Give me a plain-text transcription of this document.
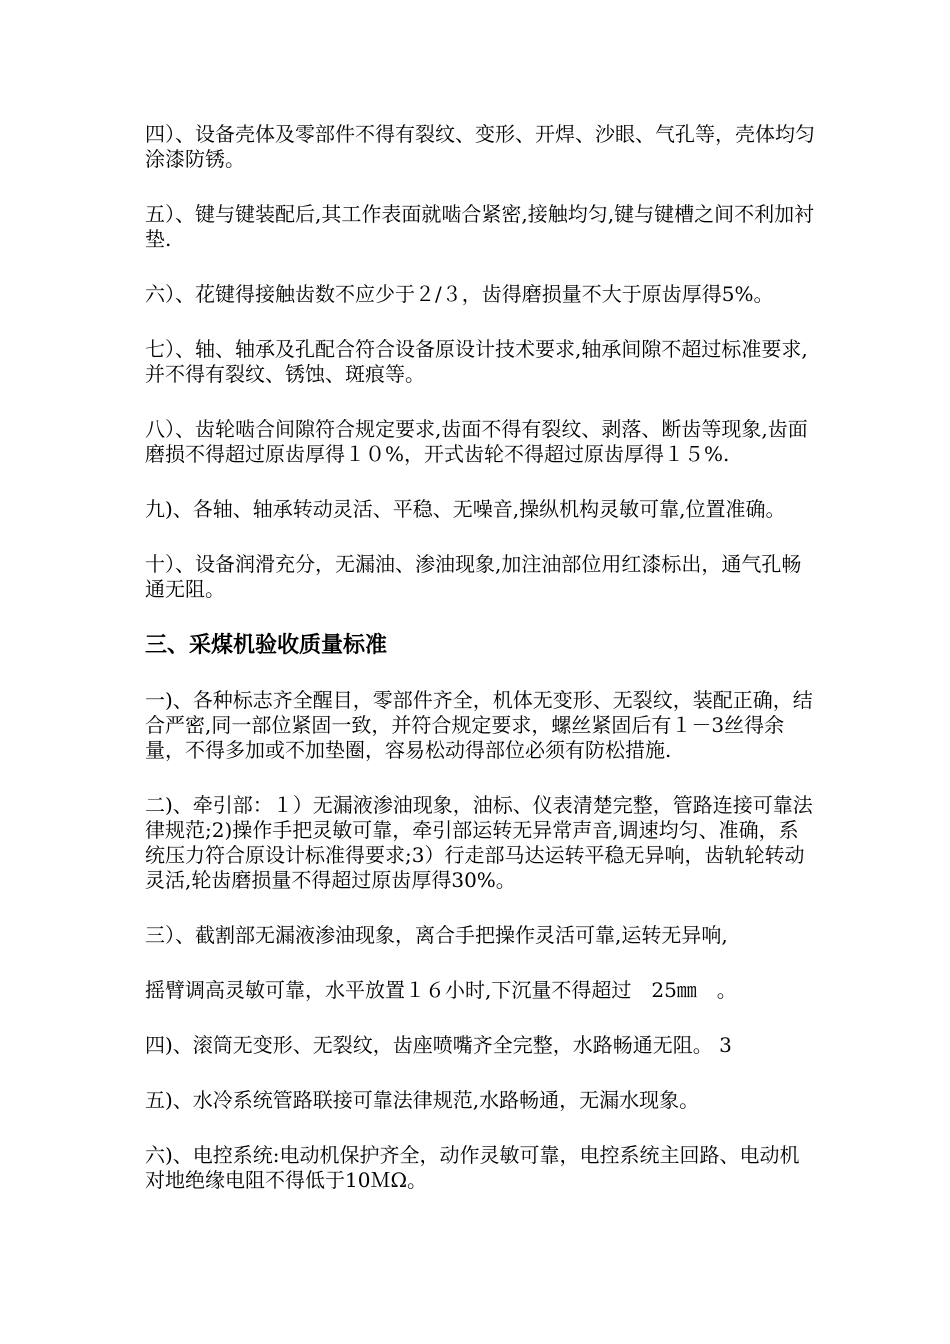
四）、设备壳体及零部件不得有裂纹、变形、开焊、沙眼、气孔等，壳体均匀涂漆防锈。

五）、键与键装配后,其工作表面就啮合紧密,接触均匀,键与键槽之间不利加衬垫.

六）、花键得接触齿数不应少于２/３，齿得磨损量不大于原齿厚得5%。

七）、轴、轴承及孔配合符合设备原设计技术要求,轴承间隙不超过标准要求,并不得有裂纹、锈蚀、斑痕等。

八）、齿轮啮合间隙符合规定要求,齿面不得有裂纹、剥落、断齿等现象,齿面磨损不得超过原齿厚得１０%，开式齿轮不得超过原齿厚得１５%.

九)、各轴、轴承转动灵活、平稳、无噪音,操纵机构灵敏可靠,位置准确。

十）、设备润滑充分，无漏油、渗油现象,加注油部位用红漆标出，通气孔畅通无阻。

三、采煤机验收质量标准

一)、各种标志齐全醒目，零部件齐全，机体无变形、无裂纹，装配正确，结合严密,同一部位紧固一致，并符合规定要求，螺丝紧固后有１－3丝得余量，不得多加或不加垫圈，容易松动得部位必须有防松措施.

二)、牵引部：１）无漏液渗油现象，油标、仪表清楚完整，管路连接可靠法律规范;2)操作手把灵敏可靠，牵引部运转无异常声音,调速均匀、准确，系统压力符合原设计标准得要求;3）行走部马达运转平稳无异响，齿轨轮转动灵活,轮齿磨损量不得超过原齿厚得30%。

三）、截割部无漏液渗油现象，离合手把操作灵活可靠,运转无异响,

摇臂调高灵敏可靠，水平放置１６小时,下沉量不得超过　25㎜　。

四)、滚筒无变形、无裂纹，齿座喷嘴齐全完整，水路畅通无阻。 3

五)、水冷系统管路联接可靠法律规范,水路畅通，无漏水现象。

六)、电控系统:电动机保护齐全，动作灵敏可靠，电控系统主回路、电动机对地绝缘电阻不得低于10ＭΩ。
